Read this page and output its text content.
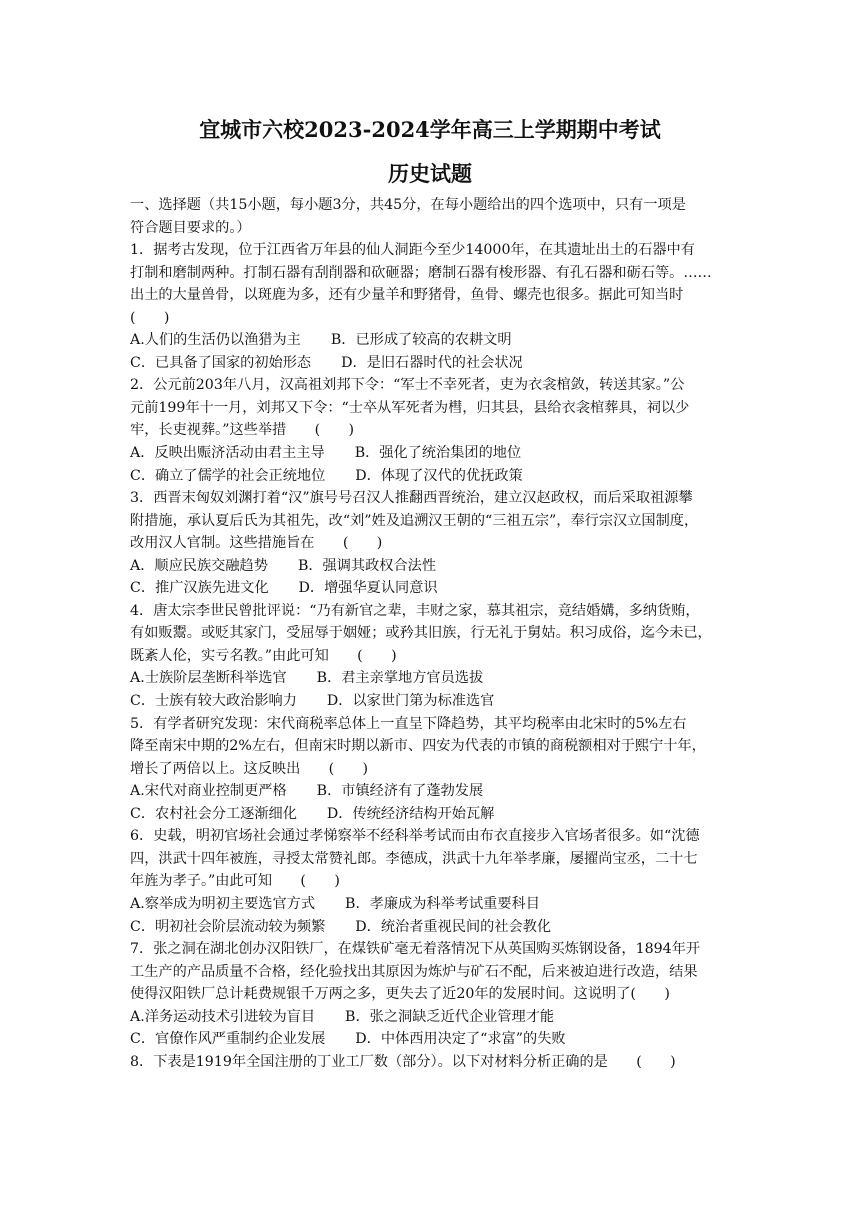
宜城市六校2023-2024学年高三上学期期中考试
历史试题
一、选择题（共15小题，每小题3分，共45分，在每小题给出的四个选项中，只有一项是
符合题目要求的。）
1．据考古发现，位于江西省万年县的仙人洞距今至少14000年，在其遗址出土的石器中有
打制和磨制两种。打制石器有刮削器和砍砸器；磨制石器有梭形器、有孔石器和砺石等。……
出土的大量兽骨，以斑鹿为多，还有少量羊和野猪骨，鱼骨、螺壳也很多。据此可知当时
(　　)
A.人们的生活仍以渔猎为主 B．已形成了较高的农耕文明
C．已具备了国家的初始形态 D．是旧石器时代的社会状况
2．公元前203年八月，汉高祖刘邦下令：“军士不幸死者，吏为衣衾棺敛，转送其家。”公
元前199年十一月，刘邦又下令：“士卒从军死者为槥，归其县，县给衣衾棺葬具，祠以少
牢，长吏视葬。”这些举措　　(　　)
A．反映出赈济活动由君主主导 B．强化了统治集团的地位
C．确立了儒学的社会正统地位 D．体现了汉代的优抚政策
3．西晋末匈奴刘渊打着“汉”旗号号召汉人推翻西晋统治，建立汉赵政权，而后采取祖源攀
附措施，承认夏后氏为其祖先，改“刘”姓及追溯汉王朝的“三祖五宗”，奉行宗汉立国制度，
改用汉人官制。这些措施旨在　　(　　)
A．顺应民族交融趋势 B．强调其政权合法性
C．推广汉族先进文化 D．增强华夏认同意识
4．唐太宗李世民曾批评说：“乃有新官之辈，丰财之家，慕其祖宗，竞结婚媾，多纳货贿，
有如贩鬻。或贬其家门，受屈辱于姻娅；或矜其旧族，行无礼于舅姑。积习成俗，迄今未已，
既紊人伦，实亏名教。”由此可知　　(　　)
A.士族阶层垄断科举选官 B．君主亲掌地方官员选拔
C．士族有较大政治影响力 D．以家世门第为标准选官
5．有学者研究发现：宋代商税率总体上一直呈下降趋势，其平均税率由北宋时的5%左右
降至南宋中期的2%左右，但南宋时期以新市、四安为代表的市镇的商税额相对于熙宁十年，
增长了两倍以上。这反映出　　(　　)
A.宋代对商业控制更严格 B．市镇经济有了蓬勃发展
C．农村社会分工逐渐细化 D．传统经济结构开始瓦解
6．史载，明初官场社会通过孝悌察举不经科举考试而由布衣直接步入官场者很多。如“沈德
四，洪武十四年被旌，寻授太常赞礼郎。李德成，洪武十九年举孝廉，屡擢尚宝丞，二十七
年旌为孝子。”由此可知　　(　　)
A.察举成为明初主要选官方式 B．孝廉成为科举考试重要科目
C．明初社会阶层流动较为频繁 D．统治者重视民间的社会教化
7．张之洞在湖北创办汉阳铁厂，在煤铁矿毫无着落情况下从英国购买炼钢设备，1894年开
工生产的产品质量不合格，经化验找出其原因为炼炉与矿石不配，后来被迫进行改造，结果
使得汉阳铁厂总计耗费规银千万两之多，更失去了近20年的发展时间。这说明了(　　)
A.洋务运动技术引进较为盲目 B．张之洞缺乏近代企业管理才能
C．官僚作风严重制约企业发展 D．中体西用决定了“求富”的失败
8．下表是1919年全国注册的丁业工厂数（部分）。以下对材料分析正确的是　　(　　)
